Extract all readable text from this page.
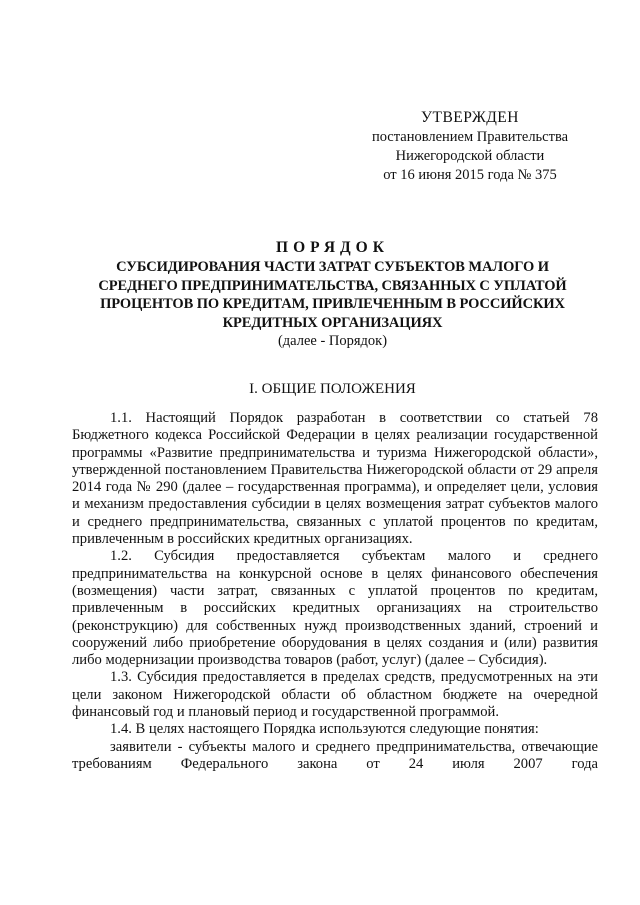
УТВЕРЖДЕН
постановлением Правительства
Нижегородской области
от 16 июня 2015 года № 375
ПОРЯДОК
СУБСИДИРОВАНИЯ ЧАСТИ ЗАТРАТ СУБЪЕКТОВ МАЛОГО И
СРЕДНЕГО ПРЕДПРИНИМАТЕЛЬСТВА, СВЯЗАННЫХ С УПЛАТОЙ
ПРОЦЕНТОВ ПО КРЕДИТАМ, ПРИВЛЕЧЕННЫМ В РОССИЙСКИХ
КРЕДИТНЫХ ОРГАНИЗАЦИЯХ
(далее - Порядок)
I. ОБЩИЕ ПОЛОЖЕНИЯ

1.1. Настоящий Порядок разработан в соответствии со статьей 78 Бюджетного кодекса Российской Федерации в целях реализации государственной программы «Развитие предпринимательства и туризма Нижегородской области», утвержденной постановлением Правительства Нижегородской области от 29 апреля 2014 года № 290 (далее – государственная программа), и определяет цели, условия и механизм предоставления субсидии в целях возмещения затрат субъектов малого и среднего предпринимательства, связанных с уплатой процентов по кредитам, привлеченным в российских кредитных организациях.

1.2. Субсидия предоставляется субъектам малого и среднего предпринимательства на конкурсной основе в целях финансового обеспечения (возмещения) части затрат, связанных с уплатой процентов по кредитам, привлеченным в российских кредитных организациях на строительство (реконструкцию) для собственных нужд производственных зданий, строений и сооружений либо приобретение оборудования в целях создания и (или) развития либо модернизации производства товаров (работ, услуг) (далее – Субсидия).

1.3. Субсидия предоставляется в пределах средств, предусмотренных на эти цели законом Нижегородской области об областном бюджете на очередной финансовый год и плановый период и государственной программой.

1.4. В целях настоящего Порядка используются следующие понятия:

заявители - субъекты малого и среднего предпринимательства, отвечающие требованиям Федерального закона от 24 июля 2007 года
